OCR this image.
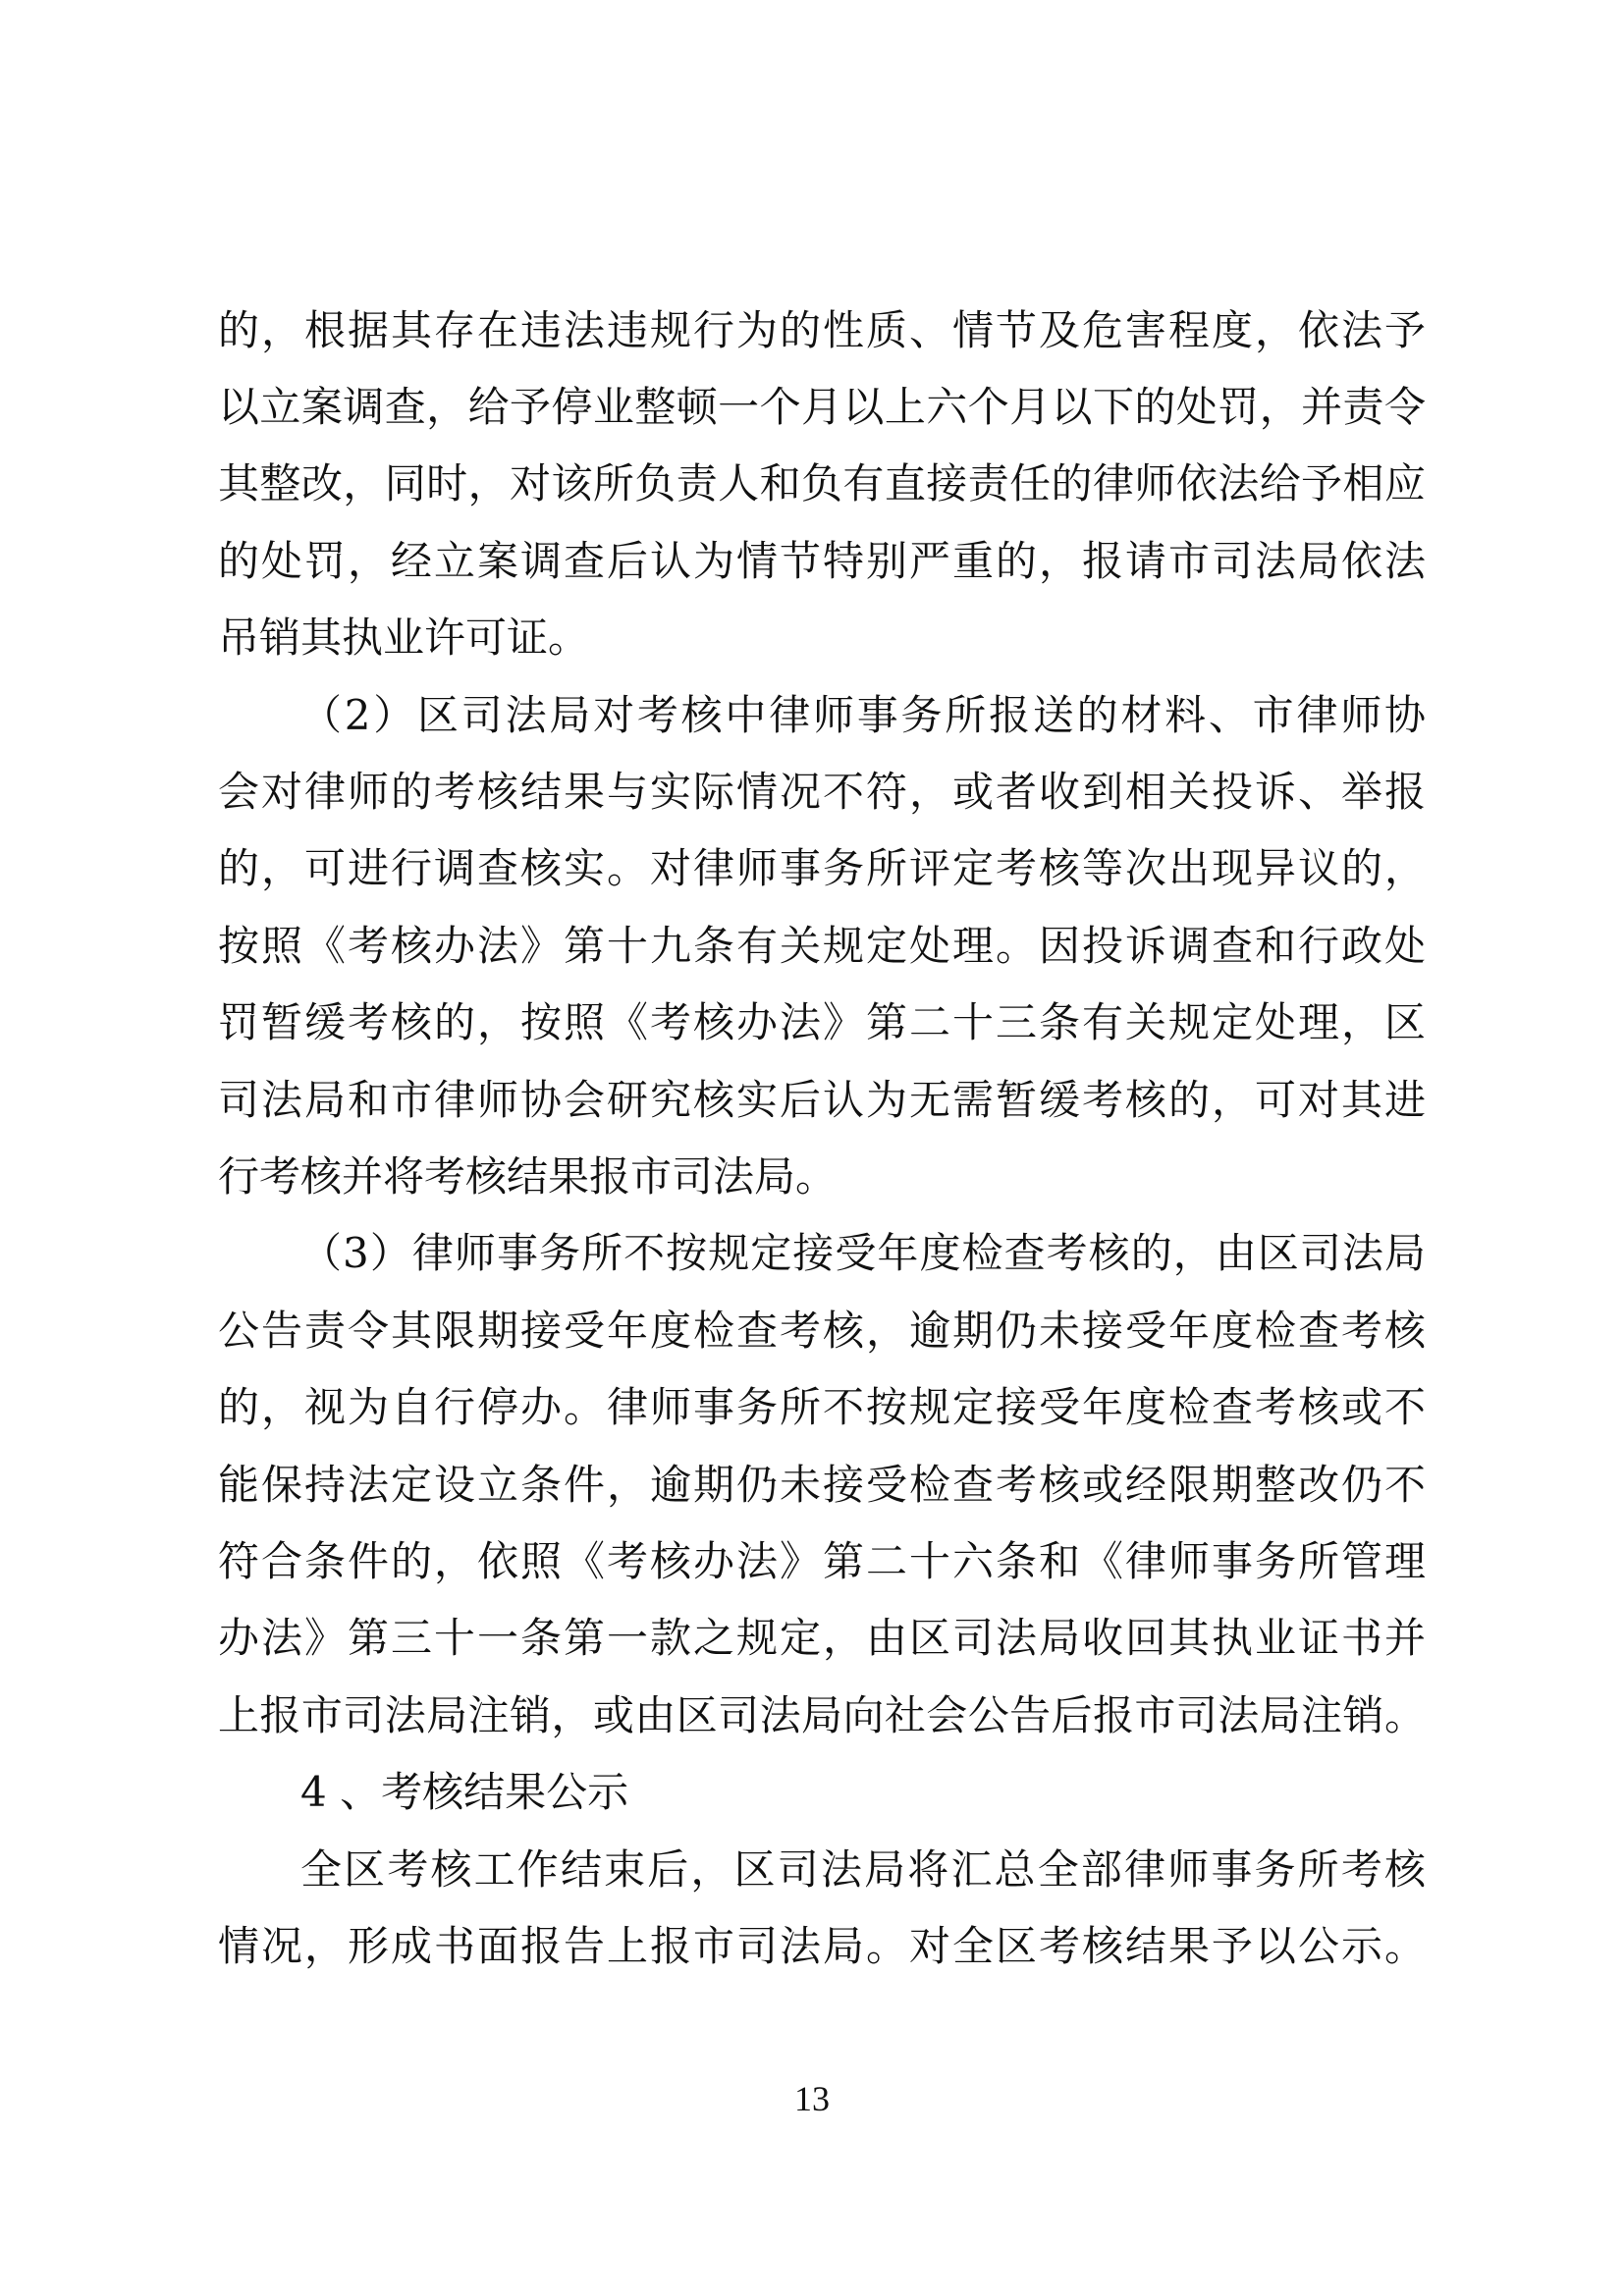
的，根据其存在违法违规行为的性质、情节及危害程度，依法予
以立案调查，给予停业整顿一个月以上六个月以下的处罚，并责令
其整改，同时，对该所负责人和负有直接责任的律师依法给予相应
的处罚，经立案调查后认为情节特别严重的，报请市司法局依法
吊销其执业许可证。
（2）区司法局对考核中律师事务所报送的材料、市律师协
会对律师的考核结果与实际情况不符，或者收到相关投诉、举报
的，可进行调查核实。对律师事务所评定考核等次出现异议的，
按照《考核办法》第十九条有关规定处理。因投诉调查和行政处
罚暂缓考核的，按照《考核办法》第二十三条有关规定处理，区
司法局和市律师协会研究核实后认为无需暂缓考核的，可对其进
行考核并将考核结果报市司法局。
（3）律师事务所不按规定接受年度检查考核的，由区司法局
公告责令其限期接受年度检查考核，逾期仍未接受年度检查考核
的，视为自行停办。律师事务所不按规定接受年度检查考核或不
能保持法定设立条件，逾期仍未接受检查考核或经限期整改仍不
符合条件的，依照《考核办法》第二十六条和《律师事务所管理
办法》第三十一条第一款之规定，由区司法局收回其执业证书并
上报市司法局注销，或由区司法局向社会公告后报市司法局注销。
4 、考核结果公示
全区考核工作结束后，区司法局将汇总全部律师事务所考核
情况，形成书面报告上报市司法局。对全区考核结果予以公示。
13
